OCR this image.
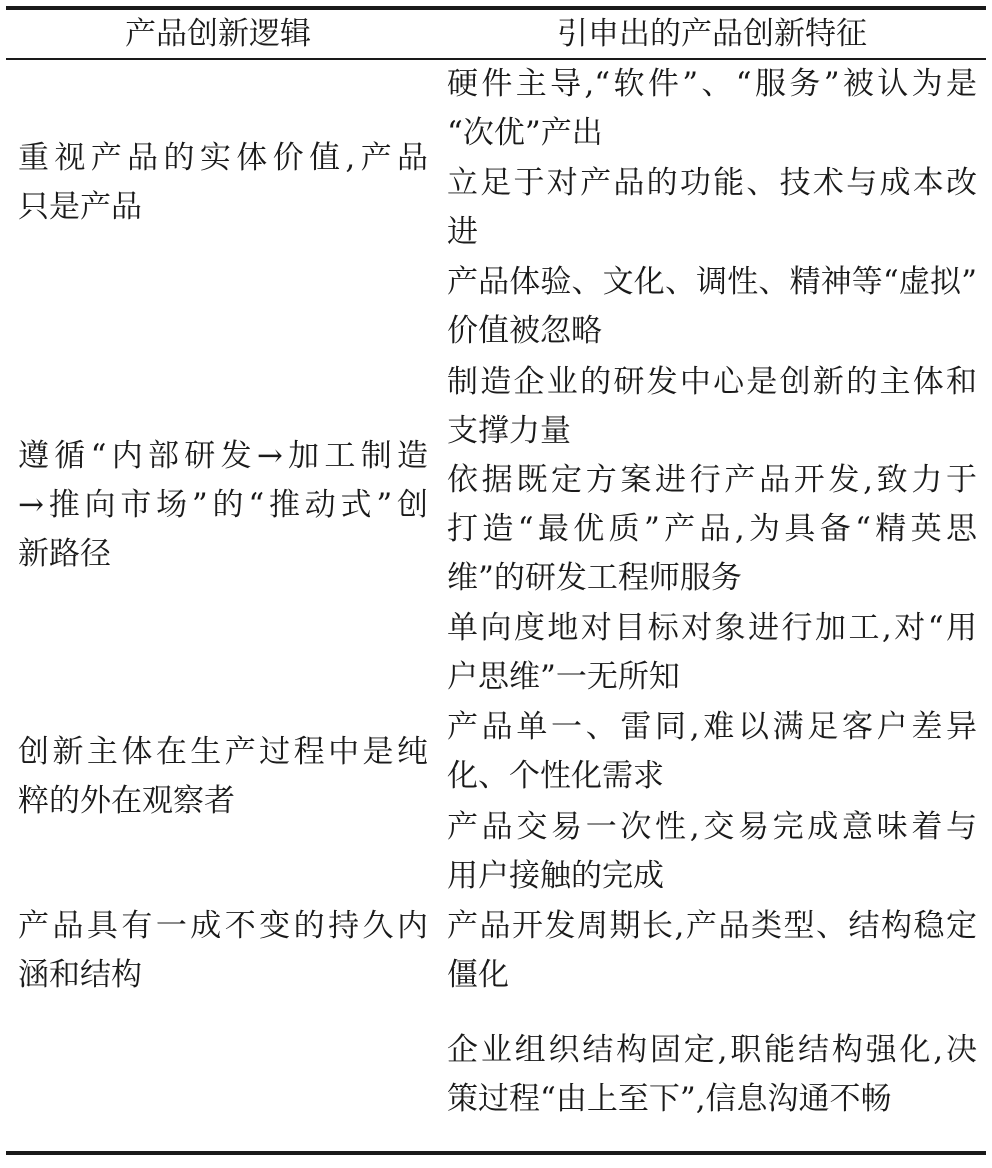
产品创新逻辑	引申出的产品创新特征
重视产品的实体价值,产品
只是产品
遵循“内部研发→加工制造
→推向市场”的“推动式”创
新路径
创新主体在生产过程中是纯
粹的外在观察者
产品具有一成不变的持久内
涵和结构
硬件主导,“软件”、“服务”被认为是
“次优”产出
立足于对产品的功能、技术与成本改
进
产品体验、文化、调性、精神等“虚拟”
价值被忽略
制造企业的研发中心是创新的主体和
支撑力量
依据既定方案进行产品开发,致力于
打造“最优质”产品,为具备“精英思
维”的研发工程师服务
单向度地对目标对象进行加工,对“用
户思维”一无所知
产品单一、雷同,难以满足客户差异
化、个性化需求
产品交易一次性,交易完成意味着与
用户接触的完成
产品开发周期长,产品类型、结构稳定
僵化
企业组织结构固定,职能结构强化,决
策过程“由上至下”,信息沟通不畅
